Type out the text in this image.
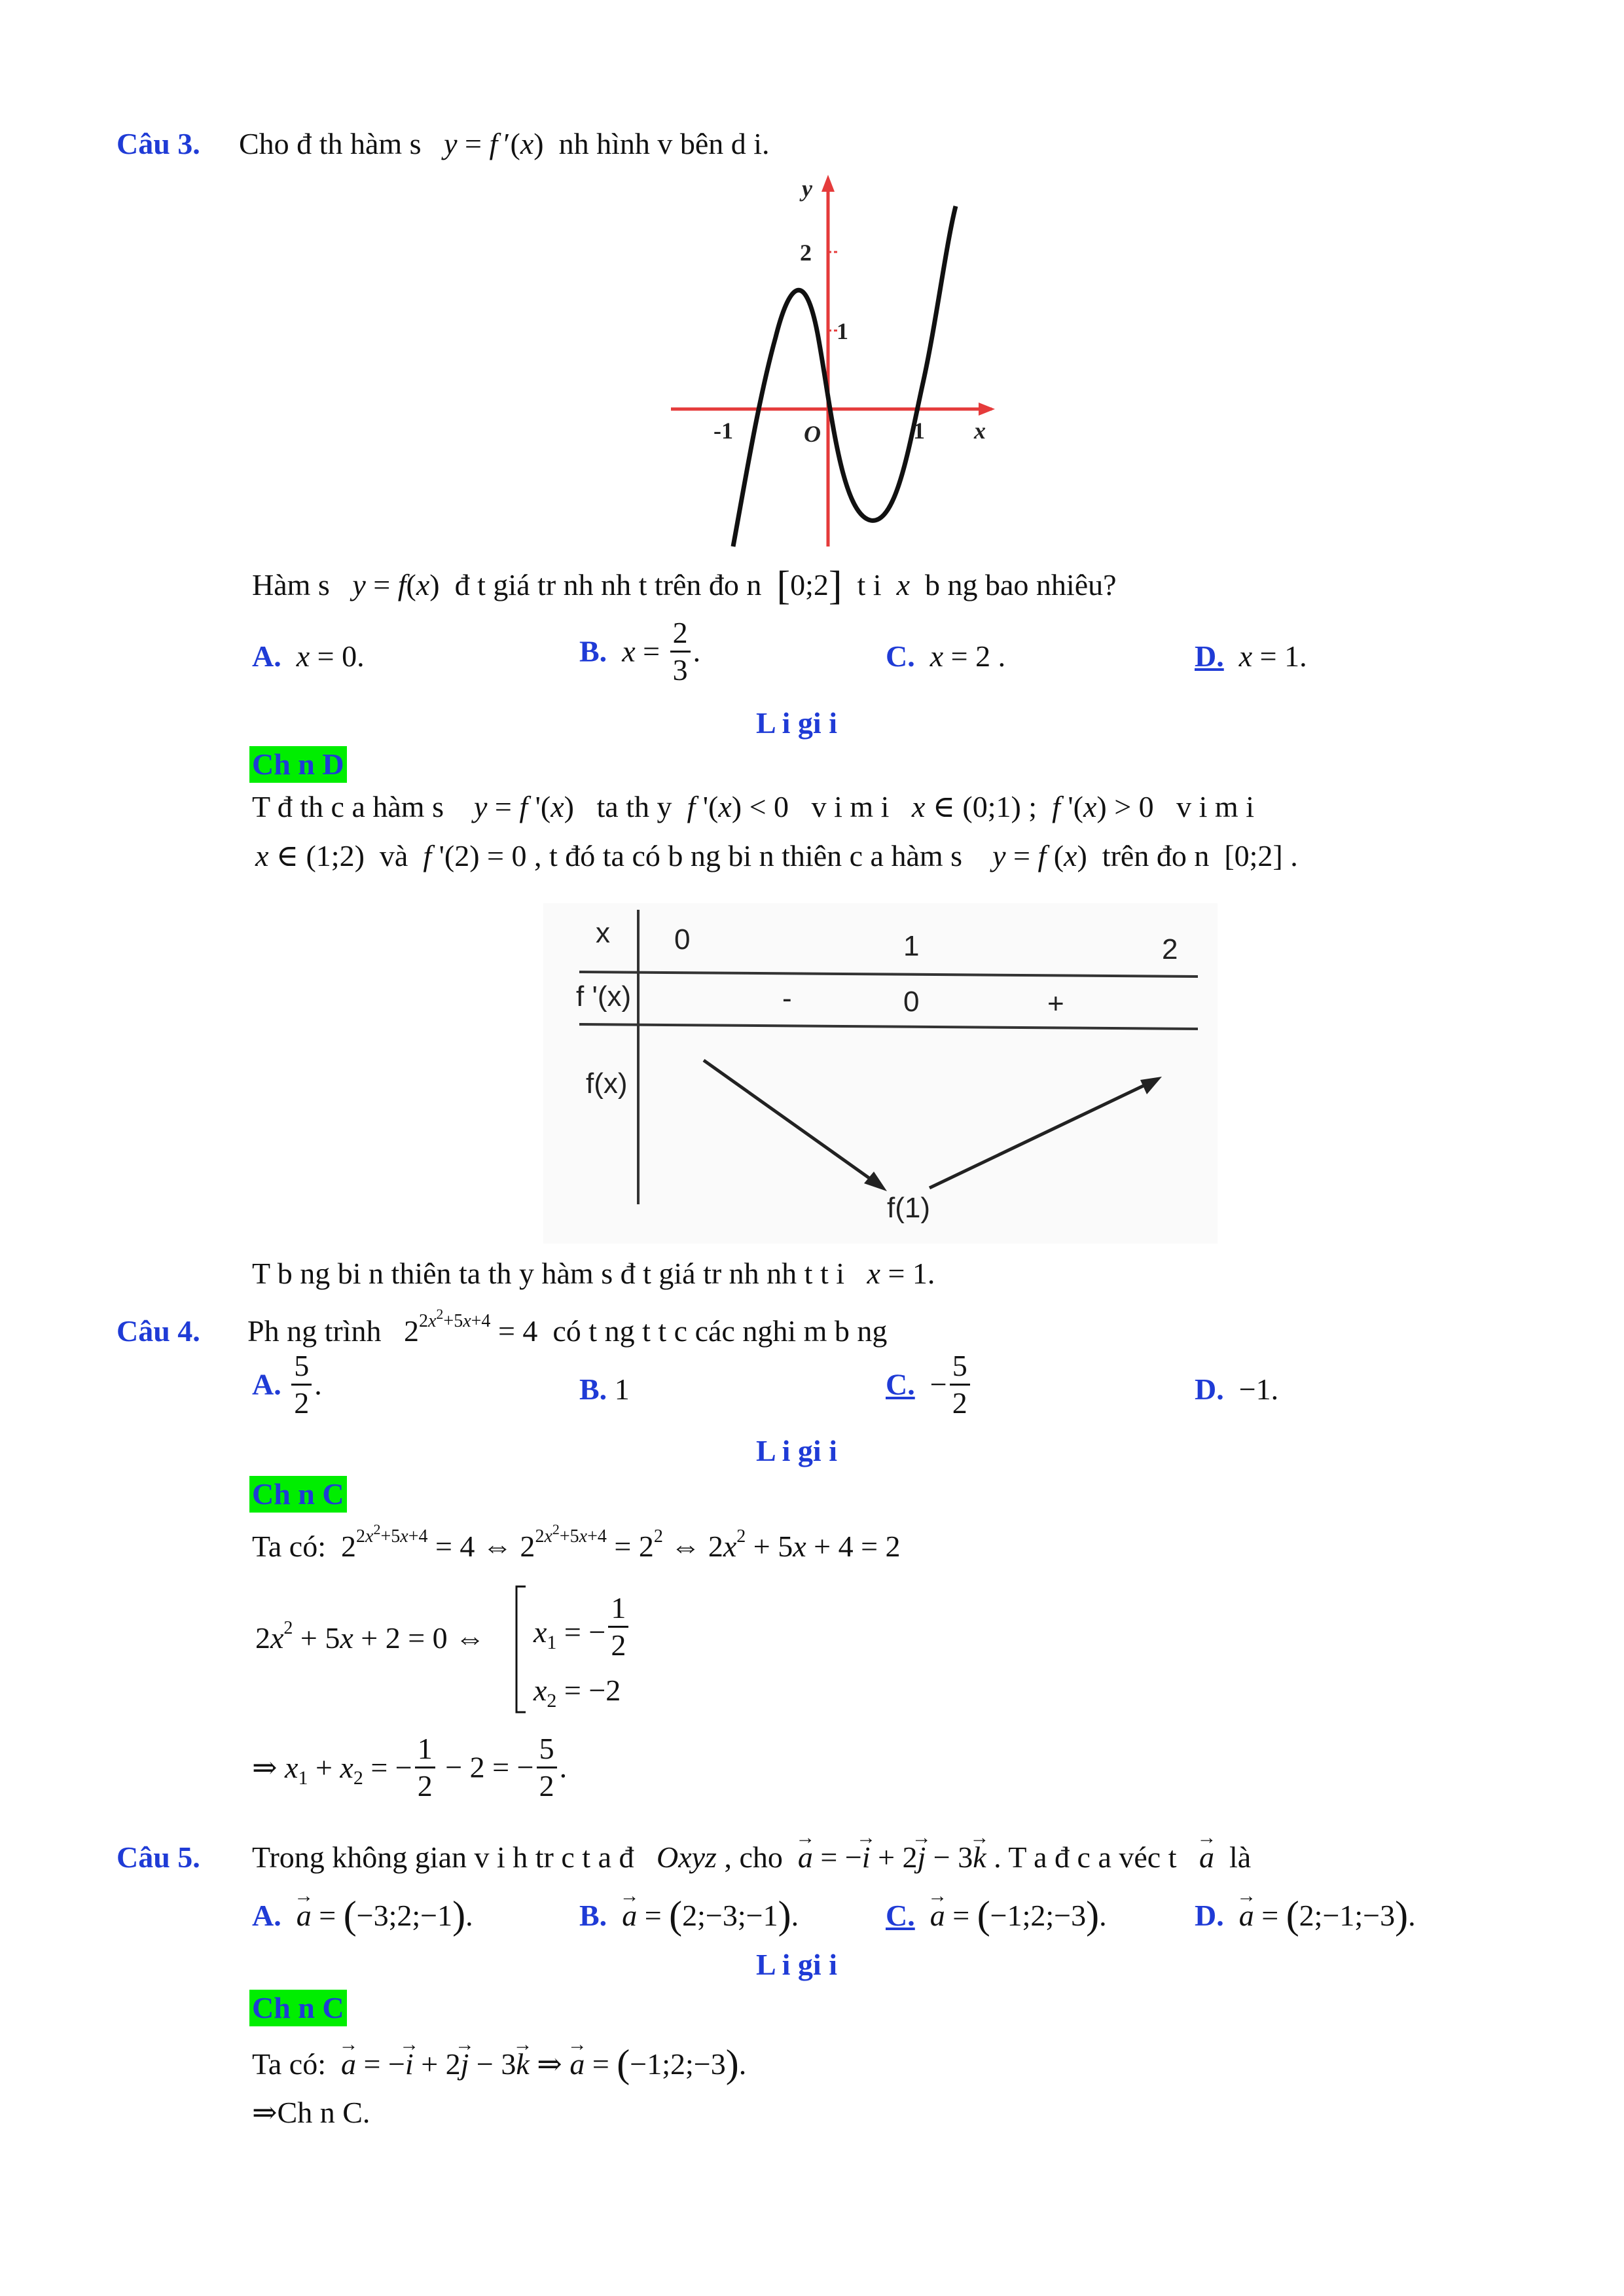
Câu 3. Cho đ th hàm s y = f ′(x)  nh hình v bên d i.
y
2
1
-1	O	1 x
Hàm s y = f(x)  đ t giá tr nh nh t trên đo n [0;2] t i x b ng bao nhiêu?
A. x = 0.	B. $x = \frac{2}{3}$ .	C. x = 2 .	D. x = 1.
L i gi i
Ch n D
T đ th c a hàm s y = f '(x)   ta th y f '(x) < 0   v i m i x ∈ (0;1) ;  f '(x) > 0   v i m i
x ∈ (1;2)  và f '(2) = 0 , t đó ta có b ng bi n thiên c a hàm s y = f (x)  trên đo n  [0;2] .
x 0	1	2
f '(x)	-	0	+
f(x)
f(1)
T b ng bi n thiên ta th y hàm s đ t giá tr nh nh t t i x = 1.
Câu 4. Ph ng trình   $2^{2x^2+5x+4} = 4$  có t ng t t c các nghi m b ng
A. $\frac{5}{2}$ .	B. 1	C.  − $\frac{5}{2}$	D.  −1.
L i gi i
Ch n C
Ta có:  $2^{2x^2+5x+4} = 4$ ⇔ $2^{2x^2+5x+4} = 2^2$ ⇔ $2x^2 + 5x + 4 = 2$
$2x^2 + 5x + 2 = 0$ ⇔ $x_1$ = − $\frac{1}{2}$
$x_2 = -2$
⇒ $x_1 + x_2$ = − $\frac{1}{2} - 2$ = − $\frac{5}{2}$ .
Câu 5. Trong không gian v i h tr c t a đ Oxyz , cho → a = −→ i + 2→ j − 3→ k . T a đ c a véc t → a là
A. → a = (−3;2;−1).	B. → a = (2;−3;−1).	C. → a = (−1;2;−3).	D. → a = (2;−1;−3).
L i gi i
Ch n C
Ta có: → a = −→ i + 2→ j − 3→ k ⇒ → a = (−1;2;−3).
⇒Ch n C.
